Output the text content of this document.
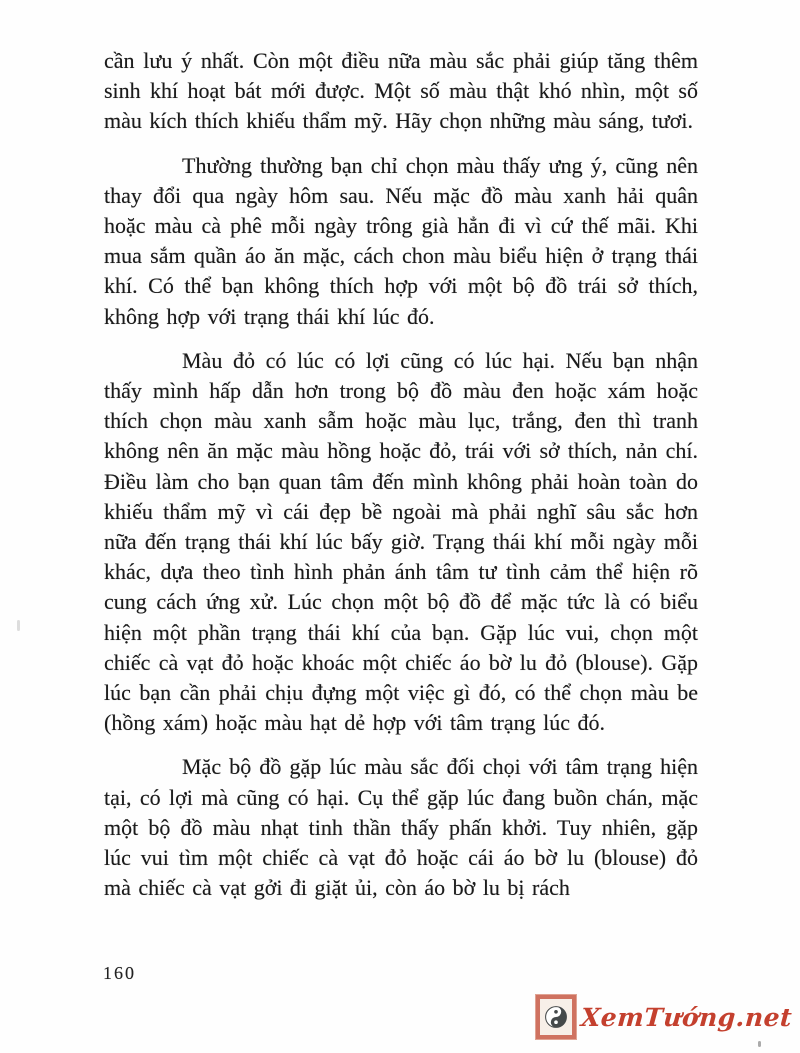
cần lưu ý nhất. Còn một điều nữa màu sắc phải giúp tăng thêm sinh khí hoạt bát mới được. Một số màu thật khó nhìn, một số màu kích thích khiếu thẩm mỹ. Hãy chọn những màu sáng, tươi.

Thường thường bạn chỉ chọn màu thấy ưng ý, cũng nên thay đổi qua ngày hôm sau. Nếu mặc đồ màu xanh hải quân hoặc màu cà phê mỗi ngày trông già hẳn đi vì cứ thế mãi. Khi mua sắm quần áo ăn mặc, cách chon màu biểu hiện ở trạng thái khí. Có thể bạn không thích hợp với một bộ đồ trái sở thích, không hợp với trạng thái khí lúc đó.

Màu đỏ có lúc có lợi cũng có lúc hại. Nếu bạn nhận thấy mình hấp dẫn hơn trong bộ đồ màu đen hoặc xám hoặc thích chọn màu xanh sẫm hoặc màu lục, trắng, đen thì tranh không nên ăn mặc màu hồng hoặc đỏ, trái với sở thích, nản chí. Điều làm cho bạn quan tâm đến mình không phải hoàn toàn do khiếu thẩm mỹ vì cái đẹp bề ngoài mà phải nghĩ sâu sắc hơn nữa đến trạng thái khí lúc bấy giờ. Trạng thái khí mỗi ngày mỗi khác, dựa theo tình hình phản ánh tâm tư tình cảm thể hiện rõ cung cách ứng xử. Lúc chọn một bộ đồ để mặc tức là có biểu hiện một phần trạng thái khí của bạn. Gặp lúc vui, chọn một chiếc cà vạt đỏ hoặc khoác một chiếc áo bờ lu đỏ (blouse). Gặp lúc bạn cần phải chịu đựng một việc gì đó, có thể chọn màu be (hồng xám) hoặc màu hạt dẻ hợp với tâm trạng lúc đó.

Mặc bộ đồ gặp lúc màu sắc đối chọi với tâm trạng hiện tại, có lợi mà cũng có hại. Cụ thể gặp lúc đang buồn chán, mặc một bộ đồ màu nhạt tinh thần thấy phấn khởi. Tuy nhiên, gặp lúc vui tìm một chiếc cà vạt đỏ hoặc cái áo bờ lu (blouse) đỏ mà chiếc cà vạt gởi đi giặt ủi, còn áo bờ lu bị rách

160
XemTướng.net
